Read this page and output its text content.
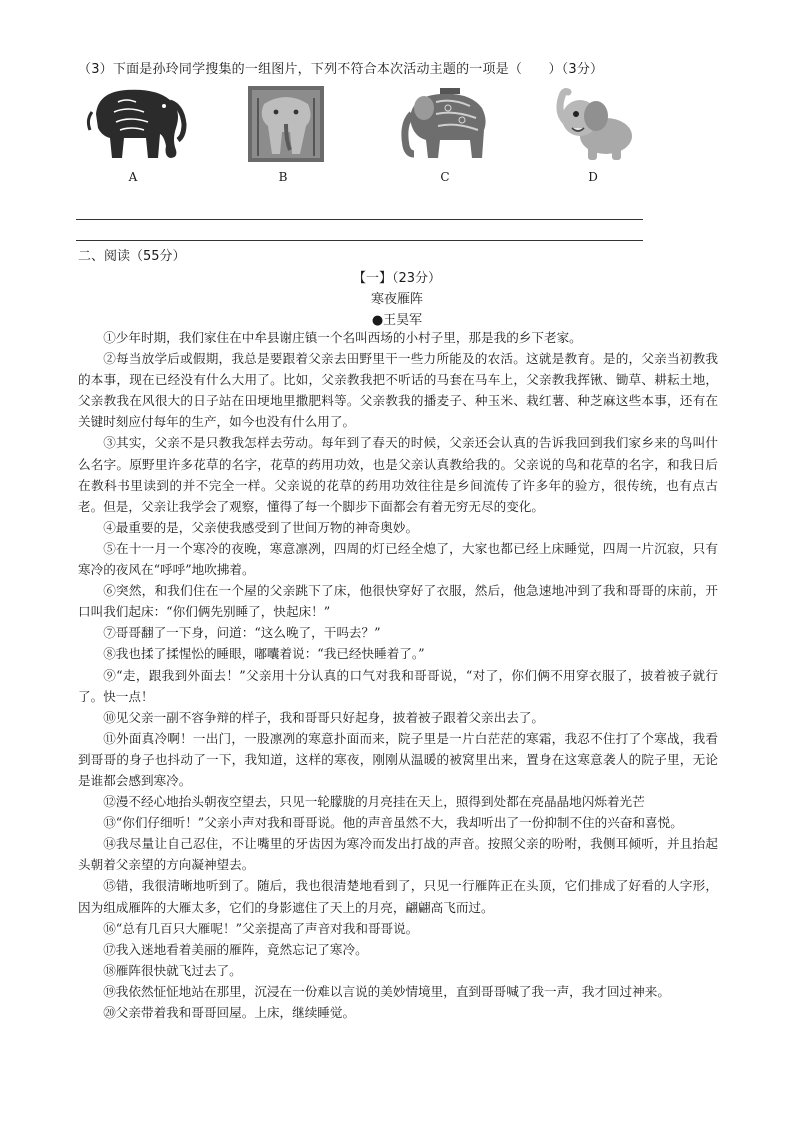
（3）下面是孙玲同学搜集的一组图片，下列不符合本次活动主题的一项是（　　）（3分）
A	B	C	D
二、阅读（55分）
【一】（23分）
寒夜雁阵
●王昊军

①少年时期，我们家住在中牟县谢庄镇一个名叫西场的小村子里，那是我的乡下老家。

②每当放学后或假期，我总是要跟着父亲去田野里干一些力所能及的农活。这就是教育。是的，父亲当初教我的本事，现在已经没有什么大用了。比如，父亲教我把不听话的马套在马车上，父亲教我挥锹、锄草、耕耘土地，父亲教我在风很大的日子站在田埂地里撒肥料等。父亲教我的播麦子、种玉米、栽红薯、种芝麻这些本事，还有在关键时刻应付每年的生产，如今也没有什么用了。

③其实，父亲不是只教我怎样去劳动。每年到了春天的时候，父亲还会认真的告诉我回到我们家乡来的鸟叫什么名字。原野里许多花草的名字，花草的药用功效，也是父亲认真教给我的。父亲说的鸟和花草的名字，和我日后在教科书里读到的并不完全一样。父亲说的花草的药用功效往往是乡间流传了许多年的验方，很传统，也有点古老。但是，父亲让我学会了观察，懂得了每一个脚步下面都会有着无穷无尽的变化。

④最重要的是，父亲使我感受到了世间万物的神奇奥妙。

⑤在十一月一个寒冷的夜晚，寒意凛冽，四周的灯已经全熄了，大家也都已经上床睡觉，四周一片沉寂，只有寒冷的夜风在“呼呼”地吹拂着。

⑥突然，和我们住在一个屋的父亲跳下了床，他很快穿好了衣服，然后，他急速地冲到了我和哥哥的床前，开口叫我们起床：“你们俩先别睡了，快起床！”

⑦哥哥翻了一下身，问道：“这么晚了，干吗去？”

⑧我也揉了揉惺忪的睡眼，嘟囔着说：“我已经快睡着了。”

⑨“走，跟我到外面去！”父亲用十分认真的口气对我和哥哥说，“对了，你们俩不用穿衣服了，披着被子就行了。快一点！

⑩见父亲一副不容争辩的样子，我和哥哥只好起身，披着被子跟着父亲出去了。

⑪外面真冷啊！一出门，一股凛冽的寒意扑面而来，院子里是一片白茫茫的寒霜，我忍不住打了个寒战，我看到哥哥的身子也抖动了一下，我知道，这样的寒夜，刚刚从温暖的被窝里出来，置身在这寒意袭人的院子里，无论是谁都会感到寒冷。

⑫漫不经心地抬头朝夜空望去，只见一轮朦胧的月亮挂在天上，照得到处都在亮晶晶地闪烁着光芒

⑬“你们仔细听！”父亲小声对我和哥哥说。他的声音虽然不大，我却听出了一份抑制不住的兴奋和喜悦。

⑭我尽量让自己忍住，不让嘴里的牙齿因为寒冷而发出打战的声音。按照父亲的吩咐，我侧耳倾听，并且抬起头朝着父亲望的方向凝神望去。

⑮错，我很清晰地听到了。随后，我也很清楚地看到了，只见一行雁阵正在头顶，它们排成了好看的人字形，因为组成雁阵的大雁太多，它们的身影遮住了天上的月亮，翩翩高飞而过。

⑯“总有几百只大雁呢！”父亲提高了声音对我和哥哥说。

⑰我入迷地看着美丽的雁阵，竟然忘记了寒冷。

⑱雁阵很快就飞过去了。

⑲我依然怔怔地站在那里，沉浸在一份难以言说的美妙情境里，直到哥哥喊了我一声，我才回过神来。

⑳父亲带着我和哥哥回屋。上床，继续睡觉。
